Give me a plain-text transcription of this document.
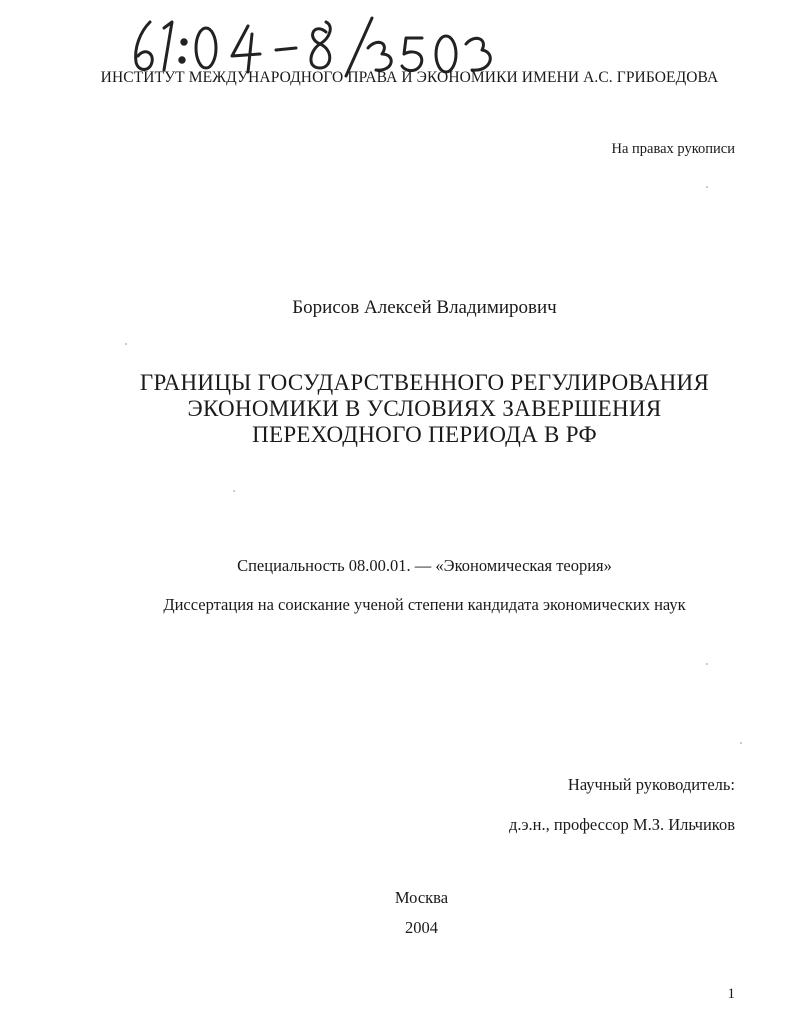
ИНСТИТУТ МЕЖДУНАРОДНОГО ПРАВА И ЭКОНОМИКИ ИМЕНИ А.С. ГРИБОЕДОВА
На правах рукописи
Борисов Алексей Владимирович
ГРАНИЦЫ ГОСУДАРСТВЕННОГО РЕГУЛИРОВАНИЯ
ЭКОНОМИКИ В УСЛОВИЯХ ЗАВЕРШЕНИЯ
ПЕРЕХОДНОГО ПЕРИОДА В РФ
Специальность 08.00.01. — «Экономическая теория»
Диссертация на соискание ученой степени кандидата экономических наук
Научный руководитель:
д.э.н., профессор М.З. Ильчиков
Москва
2004
1
